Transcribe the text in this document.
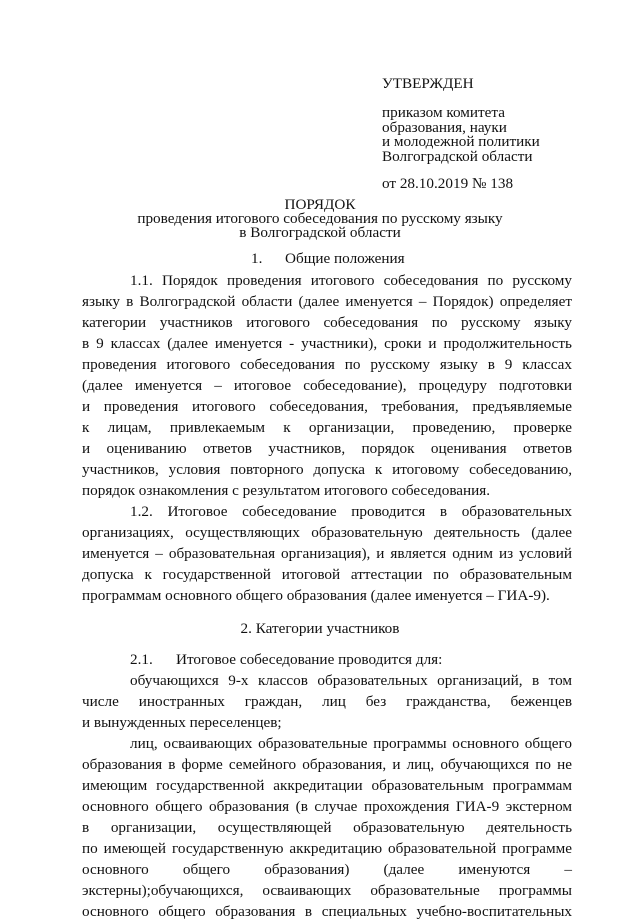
УТВЕРЖДЕН
приказом комитета
образования, науки
и молодежной политики
Волгоградской области
от 28.10.2019 № 138
ПОРЯДОК
проведения итогового собеседования по русскому языку
в Волгоградской области
1. Общие положения
1.1. Порядок проведения итогового собеседования по русскому
языку в Волгоградской области (далее именуется – Порядок) определяет
категории участников итогового собеседования по русскому языку
в 9 классах (далее именуется - участники), сроки и продолжительность
проведения итогового собеседования по русскому языку в 9 классах
(далее именуется – итоговое собеседование), процедуру подготовки
и проведения итогового собеседования, требования, предъявляемые
к лицам, привлекаемым к организации, проведению, проверке
и оцениванию ответов участников, порядок оценивания ответов
участников, условия повторного допуска к итоговому собеседованию,
порядок ознакомления с результатом итогового собеседования.
1.2. Итоговое собеседование проводится в образовательных
организациях, осуществляющих образовательную деятельность (далее
именуется – образовательная организация), и является одним из условий
допуска к государственной итоговой аттестации по образовательным
программам основного общего образования (далее именуется – ГИА-9).
2. Категории участников
2.1. Итоговое собеседование проводится для:
обучающихся 9-х классов образовательных организаций, в том
числе иностранных граждан, лиц без гражданства, беженцев
и вынужденных переселенцев;
лиц, осваивающих образовательные программы основного общего
образования в форме семейного образования, и лиц, обучающихся по не
имеющим государственной аккредитации образовательным программам
основного общего образования (в случае прохождения ГИА-9 экстерном
в организации, осуществляющей образовательную деятельность
по имеющей государственную аккредитацию образовательной программе
основного общего образования) (далее именуются –
экстерны);обучающихся, осваивающих образовательные программы
основного общего образования в специальных учебно-воспитательных
